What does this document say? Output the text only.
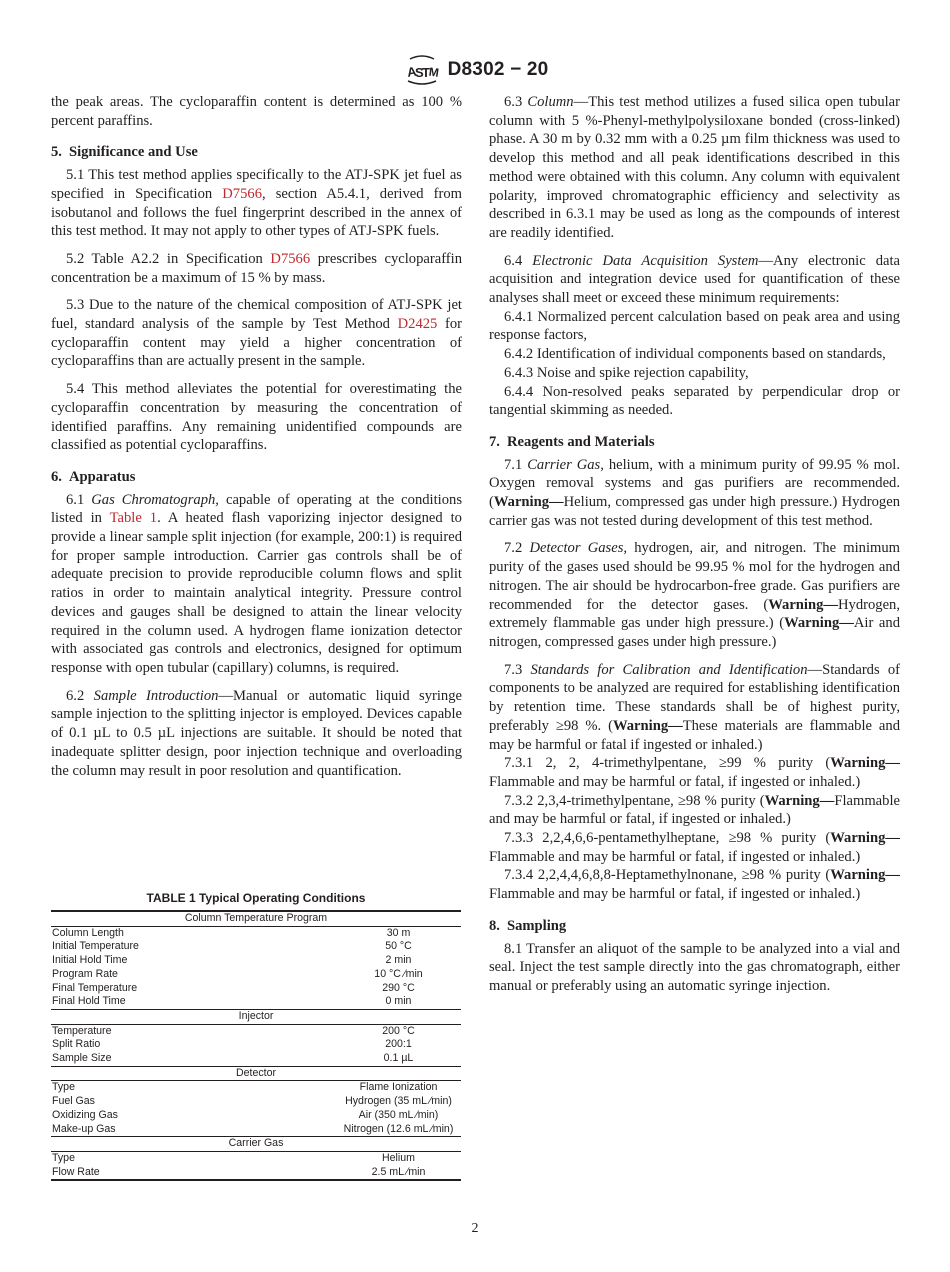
A
S
T
M D8302 − 20

the peak areas. The cycloparaffin content is determined as 100 % percent paraffins.

5. Significance and Use

5.1 This test method applies specifically to the ATJ-SPK jet fuel as specified in Specification D7566, section A5.4.1, derived from isobutanol and follows the fuel fingerprint described in the annex of this test method. It may not apply to other types of ATJ-SPK fuels.

5.2 Table A2.2 in Specification D7566 prescribes cycloparaffin concentration be a maximum of 15 % by mass.

5.3 Due to the nature of the chemical composition of ATJ-SPK jet fuel, standard analysis of the sample by Test Method D2425 for cycloparaffin content may yield a higher concentration of cycloparaffins than are actually present in the sample.

5.4 This method alleviates the potential for overestimating the cycloparaffin concentration by measuring the concentration of identified paraffins. Any remaining unidentified compounds are classified as potential cycloparaffins.

6. Apparatus

6.1 Gas Chromatograph, capable of operating at the conditions listed in Table 1. A heated flash vaporizing injector designed to provide a linear sample split injection (for example, 200:1) is required for proper sample introduction. Carrier gas controls shall be of adequate precision to provide reproducible column flows and split ratios in order to maintain analytical integrity. Pressure control devices and gauges shall be designed to attain the linear velocity required in the column used. A hydrogen flame ionization detector with associated gas controls and electronics, designed for optimum response with open tubular (capillary) columns, is required.

6.2 Sample Introduction—Manual or automatic liquid syringe sample injection to the splitting injector is employed. Devices capable of 0.1 µL to 0.5 µL injections are suitable. It should be noted that inadequate splitter design, poor injection technique and overloading the column may result in poor resolution and quantification.

TABLE 1 Typical Operating Conditions
Column Temperature Program	
Column Length	30 m
Initial Temperature	50 °C
Initial Hold Time	2 min
Program Rate	10 °C ⁄min
Final Temperature	290 °C
Final Hold Time	0 min
Injector	
Temperature	200 °C
Split Ratio	200:1
Sample Size	0.1 µL
Detector	
Type	Flame Ionization
Fuel Gas	Hydrogen (35 mL ⁄min)
Oxidizing Gas	Air (350 mL ⁄min)
Make-up Gas	Nitrogen (12.6 mL ⁄min)
Carrier Gas	
Type	Helium
Flow Rate	2.5 mL ⁄min

6.3 Column—This test method utilizes a fused silica open tubular column with 5 %-Phenyl-methylpolysiloxane bonded (cross-linked) phase. A 30 m by 0.32 mm with a 0.25 µm film thickness was used to develop this method and all peak identifications described in this method were obtained with this column. Any column with equivalent polarity, improved chromatographic efficiency and selectivity as described in 6.3.1 may be used as long as the compounds of interest are readily identified.

6.4 Electronic Data Acquisition System—Any electronic data acquisition and integration device used for quantification of these analyses shall meet or exceed these minimum requirements:

6.4.1 Normalized percent calculation based on peak area and using response factors,

6.4.2 Identification of individual components based on standards,

6.4.3 Noise and spike rejection capability,

6.4.4 Non-resolved peaks separated by perpendicular drop or tangential skimming as needed.

7. Reagents and Materials

7.1 Carrier Gas, helium, with a minimum purity of 99.95 % mol. Oxygen removal systems and gas purifiers are recommended. (Warning—Helium, compressed gas under high pressure.) Hydrogen carrier gas was not tested during development of this test method.

7.2 Detector Gases, hydrogen, air, and nitrogen. The minimum purity of the gases used should be 99.95 % mol for the hydrogen and nitrogen. The air should be hydrocarbon-free grade. Gas purifiers are recommended for the detector gases. (Warning—Hydrogen, extremely flammable gas under high pressure.) (Warning—Air and nitrogen, compressed gases under high pressure.)

7.3 Standards for Calibration and Identification—Standards of components to be analyzed are required for establishing identification by retention time. These standards shall be of highest purity, preferably ≥98 %. (Warning—These materials are flammable and may be harmful or fatal if ingested or inhaled.)

7.3.1 2, 2, 4-trimethylpentane, ≥99 % purity (Warning—Flammable and may be harmful or fatal, if ingested or inhaled.)

7.3.2 2,3,4-trimethylpentane, ≥98 % purity (Warning—Flammable and may be harmful or fatal, if ingested or inhaled.)

7.3.3 2,2,4,6,6-pentamethylheptane, ≥98 % purity (Warning—Flammable and may be harmful or fatal, if ingested or inhaled.)

7.3.4 2,2,4,4,6,8,8-Heptamethylnonane, ≥98 % purity (Warning—Flammable and may be harmful or fatal, if ingested or inhaled.)

8. Sampling

8.1 Transfer an aliquot of the sample to be analyzed into a vial and seal. Inject the test sample directly into the gas chromatograph, either manual or preferably using an automatic syringe injection.

2
